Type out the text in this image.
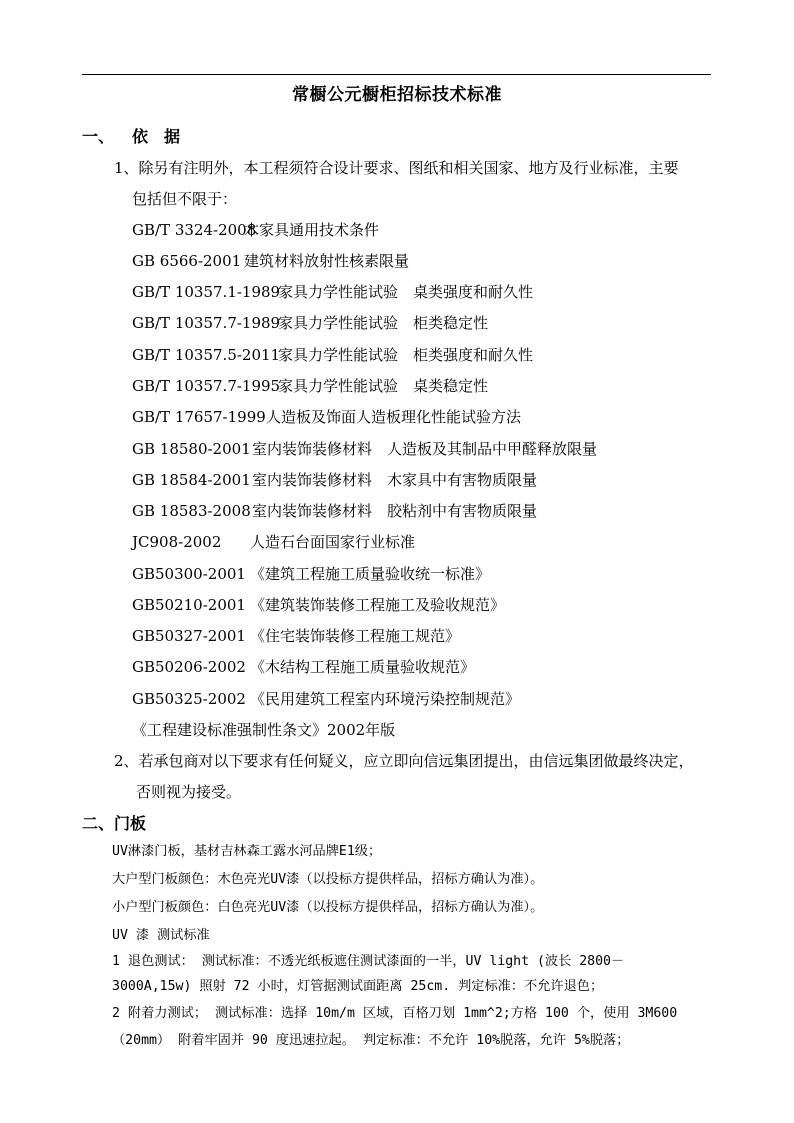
常橱公元橱柜招标技术标准
一、 依　据
1、除另有注明外，本工程须符合设计要求、图纸和相关国家、地方及行业标准，主要
包括但不限于：
GB/T 3324-2008木家具通用技术条件
GB 6566-2001 建筑材料放射性核素限量
GB/T 10357.1-1989家具力学性能试验　桌类强度和耐久性
GB/T 10357.7-1989家具力学性能试验　柜类稳定性
GB/T 10357.5-2011家具力学性能试验　柜类强度和耐久性
GB/T 10357.7-1995家具力学性能试验　桌类稳定性
GB/T 17657-1999人造板及饰面人造板理化性能试验方法
GB 18580-2001室内装饰装修材料　人造板及其制品中甲醛释放限量
GB 18584-2001室内装饰装修材料　木家具中有害物质限量
GB 18583-2008室内装饰装修材料　胶粘剂中有害物质限量
JC908-2002 人造石台面国家行业标准
GB50300-2001 《建筑工程施工质量验收统一标准》
GB50210-2001 《建筑装饰装修工程施工及验收规范》
GB50327-2001 《住宅装饰装修工程施工规范》
GB50206-2002 《木结构工程施工质量验收规范》
GB50325-2002 《民用建筑工程室内环境污染控制规范》
《工程建设标准强制性条文》2002年版
2、若承包商对以下要求有任何疑义，应立即向信远集团提出，由信远集团做最终决定，
否则视为接受。
二、门板
UV淋漆门板，基材吉林森工露水河品牌E1级；
大户型门板颜色：木色亮光UV漆（以投标方提供样品，招标方确认为准）。
小户型门板颜色：白色亮光UV漆（以投标方提供样品，招标方确认为准）。
UV 漆 测试标准
1 退色测试： 测试标准：不透光纸板遮住测试漆面的一半，UV light (波长 2800－
3000A,15w) 照射 72 小时，灯管据测试面距离 25cm. 判定标准：不允许退色；
2 附着力测试； 测试标准：选择 10m/m 区域，百格刀划 1mm^2;方格 100 个，使用 3M600
（20mm） 附着牢固并 90 度迅速拉起。 判定标准：不允许 10%脱落，允许 5%脱落；
